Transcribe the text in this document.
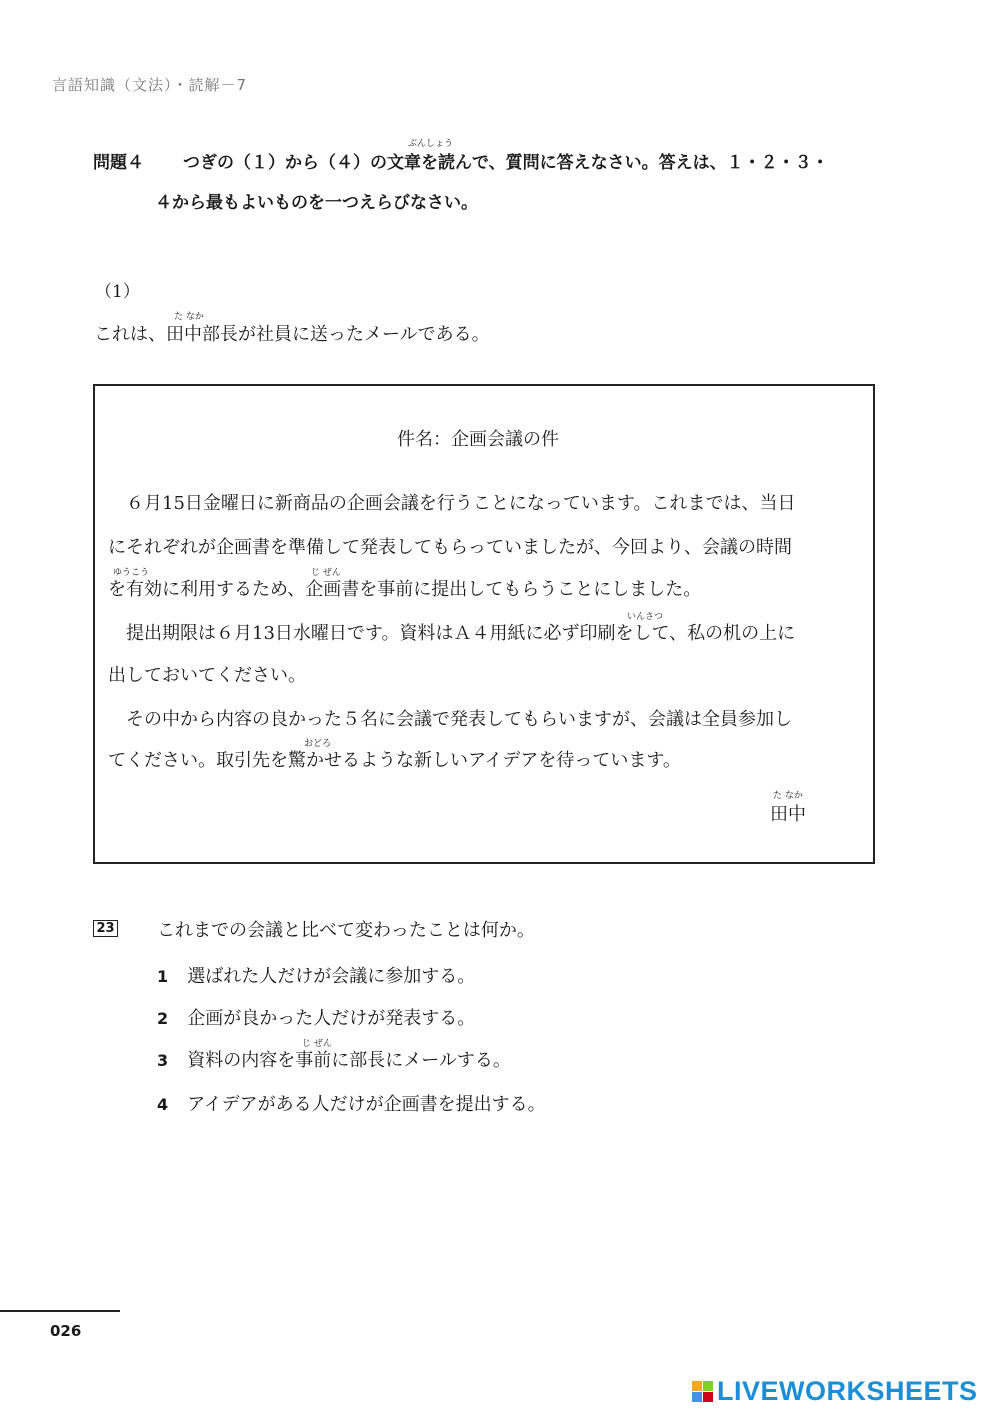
言語知識（文法）・読解－7
問題４
ぶんしょう
つぎの（１）から（４）の文章を読んで、質問に答えなさい。答えは、１・２・３・
４から最もよいものを一つえらびなさい。
（1）
た なか
これは、田中部長が社員に送ったメールである。
件名：企画会議の件
ゆうこう	じ ぜん
いんさつ
おどろ
　６月15日金曜日に新商品の企画会議を行うことになっています。これまでは、当日
にそれぞれが企画書を準備して発表してもらっていましたが、今回より、会議の時間
を有効に利用するため、企画書を事前に提出してもらうことにしました。
　提出期限は６月13日水曜日です。資料はＡ４用紙に必ず印刷をして、私の机の上に
出しておいてください。
　その中から内容の良かった５名に会議で発表してもらいますが、会議は全員参加し
てください。取引先を驚かせるような新しいアイデアを待っています。
た なか
田中
23 これまでの会議と比べて変わったことは何か。
1 選ばれた人だけが会議に参加する。
2 企画が良かった人だけが発表する。
じ ぜん
3 資料の内容を事前に部長にメールする。
4 アイデアがある人だけが企画書を提出する。
026
LIVEWORKSHEETS
